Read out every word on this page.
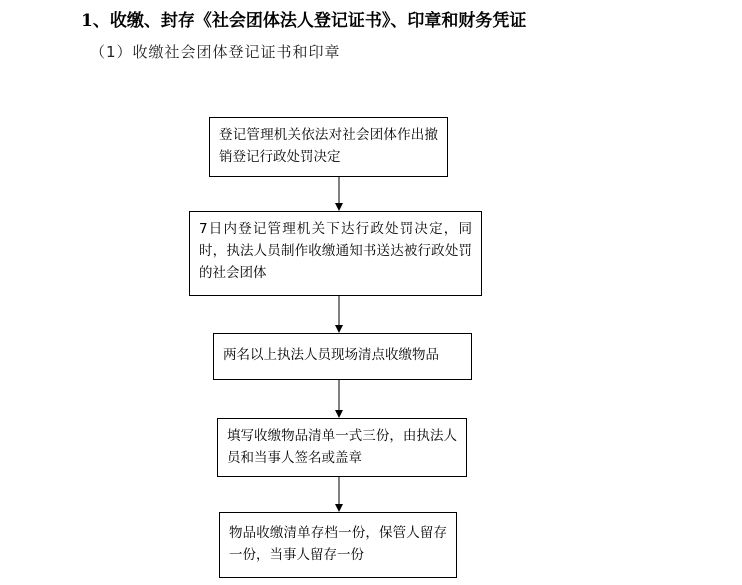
1、收缴、封存《社会团体法人登记证书》、印章和财务凭证
（1）收缴社会团体登记证书和印章
登记管理机关依法对社会团体作出撤销登记行政处罚决定
7日内登记管理机关下达行政处罚决定，同时，执法人员制作收缴通知书送达被行政处罚的社会团体
两名以上执法人员现场清点收缴物品
填写收缴物品清单一式三份，由执法人员和当事人签名或盖章
物品收缴清单存档一份，保管人留存一份，当事人留存一份
